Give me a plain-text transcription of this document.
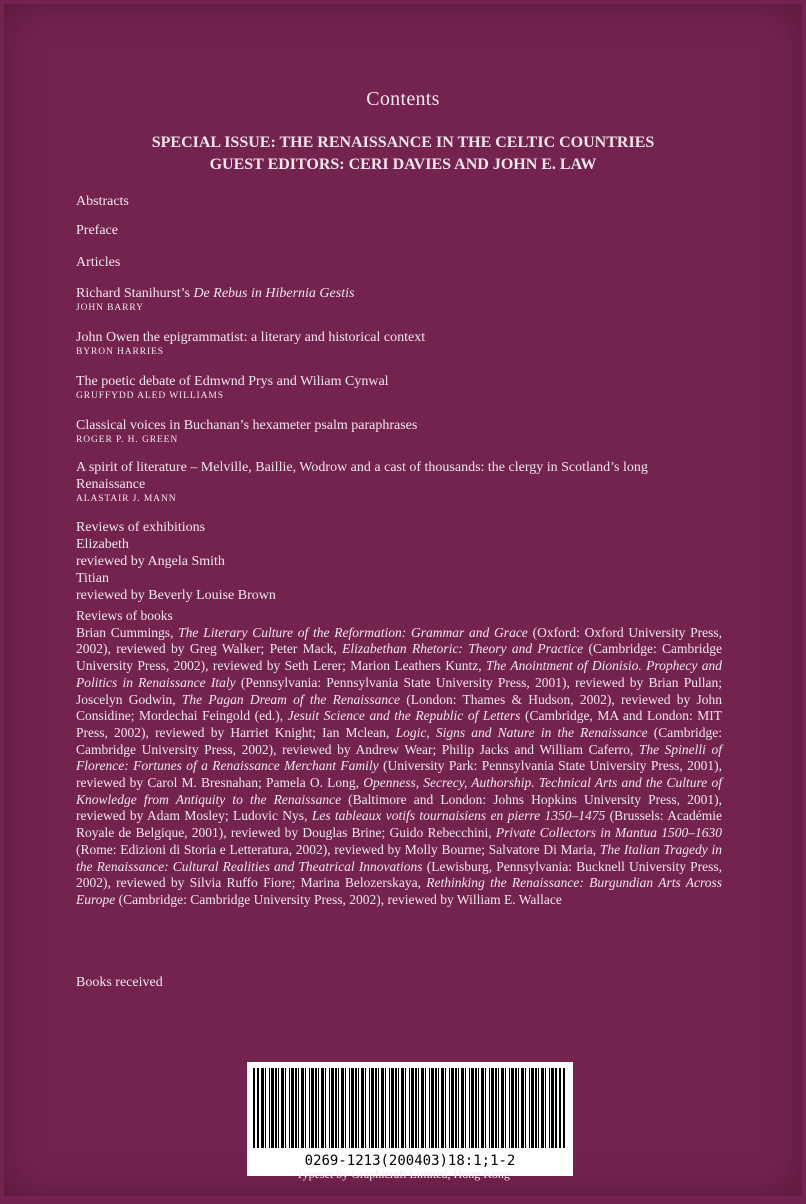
Contents
SPECIAL ISSUE: THE RENAISSANCE IN THE CELTIC COUNTRIES
GUEST EDITORS: CERI DAVIES AND JOHN E. LAW
Abstracts
Preface
Articles
Richard Stanihurst’s De Rebus in Hibernia Gestis
JOHN BARRY
John Owen the epigrammatist: a literary and historical context
BYRON HARRIES
The poetic debate of Edmwnd Prys and Wiliam Cynwal
GRUFFYDD ALED WILLIAMS
Classical voices in Buchanan’s hexameter psalm paraphrases
ROGER P. H. GREEN
A spirit of literature – Melville, Baillie, Wodrow and a cast of thousands: the clergy in Scotland’s long Renaissance
ALASTAIR J. MANN
Reviews of exhibitions
Elizabeth
reviewed by Angela Smith
Titian
reviewed by Beverly Louise Brown
Reviews of books
Brian Cummings, The Literary Culture of the Reformation: Grammar and Grace (Oxford: Oxford University Press, 2002), reviewed by Greg Walker; Peter Mack, Elizabethan Rhetoric: Theory and Practice (Cambridge: Cambridge University Press, 2002), reviewed by Seth Lerer; Marion Leathers Kuntz, The Anointment of Dionisio. Prophecy and Politics in Renaissance Italy (Pennsylvania: Pennsylvania State University Press, 2001), reviewed by Brian Pullan; Joscelyn Godwin, The Pagan Dream of the Renaissance (London: Thames & Hudson, 2002), reviewed by John Considine; Mordechai Feingold (ed.), Jesuit Science and the Republic of Letters (Cambridge, MA and London: MIT Press, 2002), reviewed by Harriet Knight; Ian Mclean, Logic, Signs and Nature in the Renaissance (Cambridge: Cambridge University Press, 2002), reviewed by Andrew Wear; Philip Jacks and William Caferro, The Spinelli of Florence: Fortunes of a Renaissance Merchant Family (University Park: Pennsylvania State University Press, 2001), reviewed by Carol M. Bresnahan; Pamela O. Long, Openness, Secrecy, Authorship. Technical Arts and the Culture of Knowledge from Antiquity to the Renaissance (Baltimore and London: Johns Hopkins University Press, 2001), reviewed by Adam Mosley; Ludovic Nys, Les tableaux votifs tournaisiens en pierre 1350–1475 (Brussels: Académie Royale de Belgique, 2001), reviewed by Douglas Brine; Guido Rebecchini, Private Collectors in Mantua 1500–1630 (Rome: Edizioni di Storia e Letteratura, 2002), reviewed by Molly Bourne; Salvatore Di Maria, The Italian Tragedy in the Renaissance: Cultural Realities and Theatrical Innovations (Lewisburg, Pennsylvania: Bucknell University Press, 2002), reviewed by Silvia Ruffo Fiore; Marina Belozerskaya, Rethinking the Renaissance: Burgundian Arts Across Europe (Cambridge: Cambridge University Press, 2002), reviewed by William E. Wallace
Books received
0269-1213(200403)18:1;1-2
Typeset by Graphicraft Limited, Hong Kong
